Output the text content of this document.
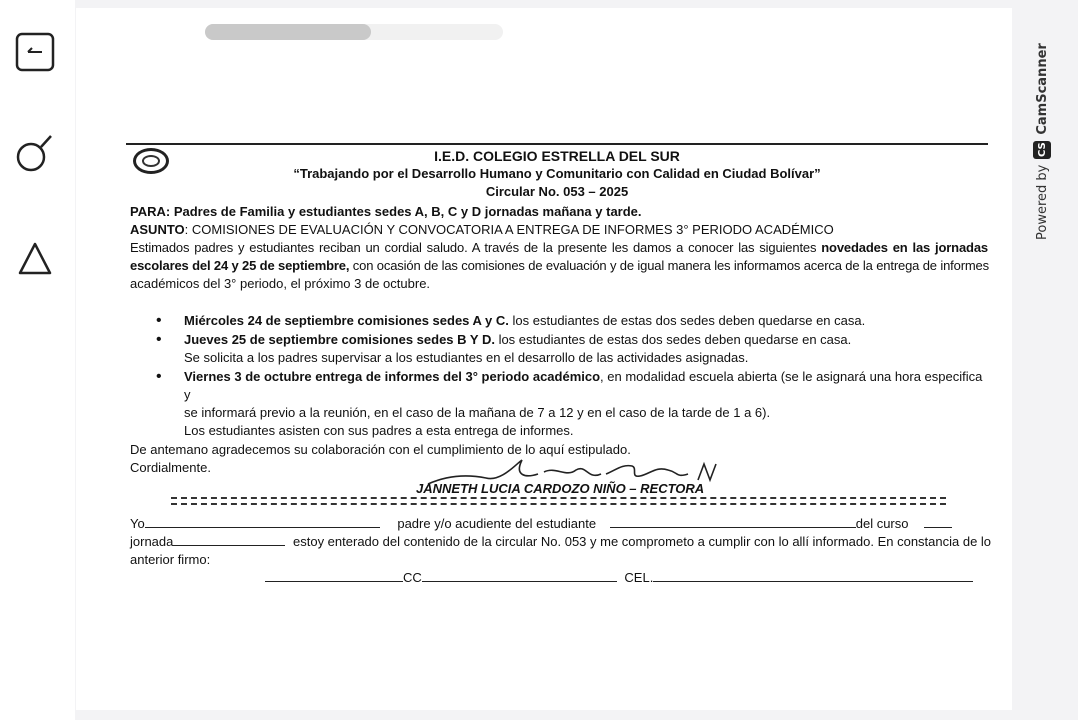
Powered by
CS
CamScanner
I.E.D. COLEGIO ESTRELLA DEL SUR
“Trabajando por el Desarrollo Humano y Comunitario con Calidad en Ciudad Bolívar”
Circular No. 053 – 2025
PARA: Padres de Familia y estudiantes sedes A, B, C y D jornadas mañana y tarde.
ASUNTO: COMISIONES DE EVALUACIÓN Y CONVOCATORIA A ENTREGA DE INFORMES 3° PERIODO ACADÉMICO
Estimados padres y estudiantes reciban un cordial saludo. A través de la presente les damos a conocer las siguientes novedades en las jornadas
escolares del 24 y 25 de septiembre, con ocasión de las comisiones de evaluación y de igual manera les informamos acerca de la entrega de informes
académicos del 3° periodo, el próximo 3 de octubre.
• Miércoles 24 de septiembre comisiones sedes A y C. los estudiantes de estas dos sedes deben quedarse en casa.
• Jueves 25 de septiembre comisiones sedes B Y D. los estudiantes de estas dos sedes deben quedarse en casa.
Se solicita a los padres supervisar a los estudiantes en el desarrollo de las actividades asignadas.
• Viernes 3 de octubre entrega de informes del 3° periodo académico, en modalidad escuela abierta (se le asignará una hora especifica y
se informará previo a la reunión, en el caso de la mañana de 7 a 12 y en el caso de la tarde de 1 a 6).
Los estudiantes asisten con sus padres a esta entrega de informes.
De antemano agradecemos su colaboración con el cumplimiento de lo aquí estipulado.
Cordialmente.
JANNETH LUCIA CARDOZO NIÑO – RECTORA
Yo	padre y/o acudiente del estudiante	del curso
jornada	estoy enterado del contenido de la circular No. 053 y me comprometo a cumplir con lo allí informado. En constancia de lo
anterior firmo:
CC	CEL.
